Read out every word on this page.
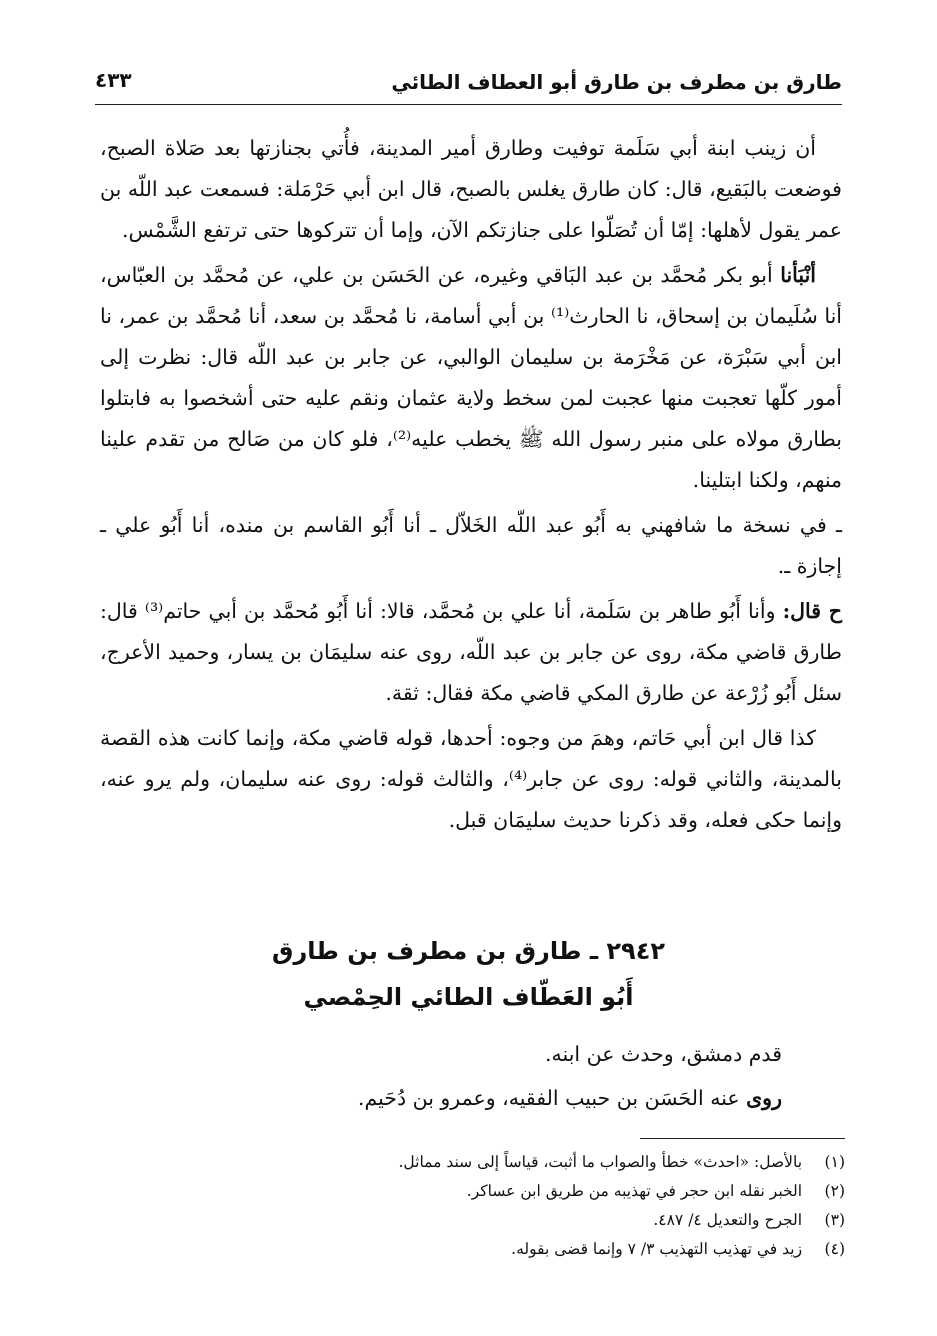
طارق بن مطرف بن طارق أبو العطاف الطائي
٤٣٣

أن زينب ابنة أبي سَلَمة توفيت وطارق أمير المدينة، فأُتي بجنازتها بعد صَلاة الصبح، فوضعت بالبَقيع، قال: كان طارق يغلس بالصبح، قال ابن أبي حَرْمَلة: فسمعت عبد اللّه بن عمر يقول لأهلها: إمّا أن تُصَلّوا على جنازتكم الآن، وإما أن تتركوها حتى ترتفع الشَّمْس.

أنْبَأنا أبو بكر مُحمَّد بن عبد البَاقي وغيره، عن الحَسَن بن علي، عن مُحمَّد بن العبّاس، أنا سُلَيمان بن إسحاق، نا الحارث⁽¹⁾ بن أبي أسامة، نا مُحمَّد بن سعد، أنا مُحمَّد بن عمر، نا ابن أبي سَبْرَة، عن مَخْرَمة بن سليمان الوالبي، عن جابر بن عبد اللّه قال: نظرت إلى أمور كلّها تعجبت منها عجبت لمن سخط ولاية عثمان ونقم عليه حتى أشخصوا به فابتلوا بطارق مولاه على منبر رسول الله ﷺ يخطب عليه⁽²⁾، فلو كان من صَالح من تقدم علينا منهم، ولكنا ابتلينا.

ـ في نسخة ما شافهني به أَبُو عبد اللّه الخَلاّل ـ أنا أَبُو القاسم بن منده، أنا أَبُو علي ـ إجازة ـ.

ح قال: وأنا أَبُو طاهر بن سَلَمة، أنا علي بن مُحمَّد، قالا: أنا أَبُو مُحمَّد بن أبي حاتم⁽³⁾ قال: طارق قاضي مكة، روى عن جابر بن عبد اللّه، روى عنه سليمَان بن يسار، وحميد الأعرج، سئل أَبُو زُرْعة عن طارق المكي قاضي مكة فقال: ثقة.

كذا قال ابن أبي حَاتم، وهمَ من وجوه: أحدها، قوله قاضي مكة، وإنما كانت هذه القصة بالمدينة، والثاني قوله: روى عن جابر⁽⁴⁾، والثالث قوله: روى عنه سليمان، ولم يرو عنه، وإنما حكى فعله، وقد ذكرنا حديث سليمَان قبل.

٢٩٤٢ ـ طارق بن مطرف بن طارق
أَبُو العَطّاف الطائي الحِمْصي

قدم دمشق، وحدث عن ابنه.

روى عنه الحَسَن بن حبيب الفقيه، وعمرو بن دُحَيم.

(١) بالأصل: «احدث» خطأ والصواب ما أثبت، قياساً إلى سند مماثل.

(٢) الخبر نقله ابن حجر في تهذيبه من طريق ابن عساكر.

(٣) الجرح والتعديل ٤/ ٤٨٧.

(٤) زيد في تهذيب التهذيب ٣/ ٧ وإنما قضى بقوله.
